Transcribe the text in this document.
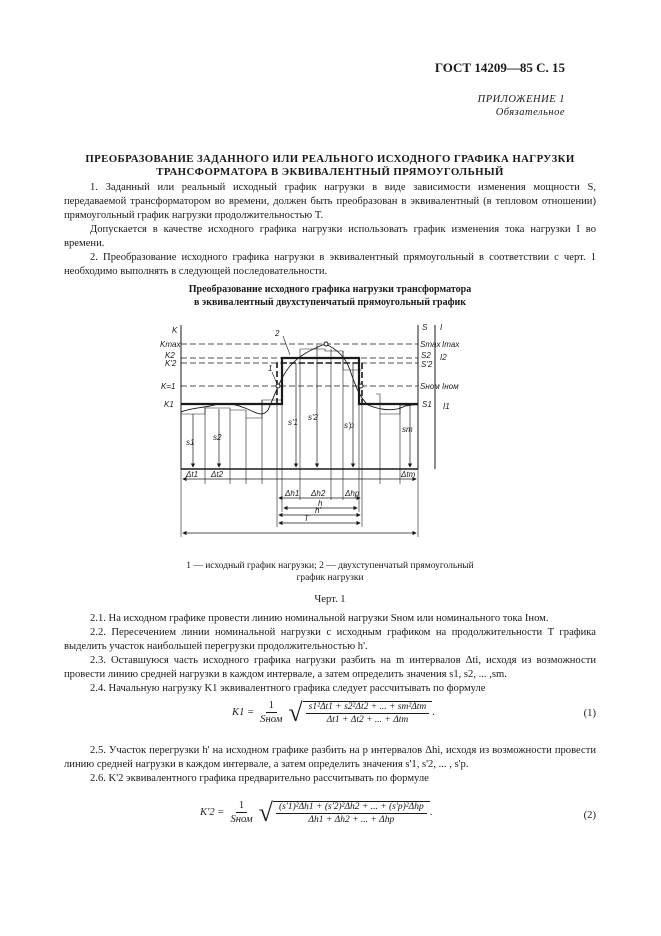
ГОСТ 14209—85 С. 15
ПРИЛОЖЕНИЕ 1
Обязательное
ПРЕОБРАЗОВАНИЕ ЗАДАННОГО ИЛИ РЕАЛЬНОГО ИСХОДНОГО ГРАФИКА НАГРУЗКИ
ТРАНСФОРМАТОРА В ЭКВИВАЛЕНТНЫЙ ПРЯМОУГОЛЬНЫЙ

1. Заданный или реальный исходный график нагрузки в виде зависимости изменения мощности S, передаваемой трансформатором во времени, должен быть преобразован в эквивалентный (в тепловом отношении) прямоугольный график нагрузки продолжительностью T.

Допускается в качестве исходного графика нагрузки использовать график изменения тока нагрузки I во времени.

2. Преобразование исходного графика нагрузки в эквивалентный прямоугольный в соответствии с черт. 1 необходимо выполнять в следующей последовательности.

Преобразование исходного графика нагрузки трансформатора
в эквивалентный двухступенчатый прямоугольный график
K
Kmax
K2
K'2
K=1
K1
S I
Smax Imax
S2 I2
S'2
Sном Iном
S1 I1
1
2
s1
s2
s'1
s'2
s'p	sm
Δt1 Δt2	Δtm
Δh1 Δh2 Δhp
h
h'
T
1 — исходный график нагрузки; 2 — двухступенчатый прямоугольный
график нагрузки
Черт. 1

2.1. На исходном графике провести линию номинальной нагрузки Sном или номинального тока Iном.

2.2. Пересечением линии номинальной нагрузки с исходным графиком на продолжительности T графика выделить участок наибольшей перегрузки продолжительностью h'.

2.3. Оставшуюся часть исходного графика нагрузки разбить на m интервалов Δti, исходя из возможности провести линию средней нагрузки в каждом интервале, а затем определить значения s1, s2, ... ,sm.

2.4. Начальную нагрузку K1 эквивалентного графика следует рассчитывать по формуле

$K1 = \frac{1}{\text{Sном}}$ √ $\frac{\text{s1²Δt1 + s2²Δt2 + ... + sm²Δtm}}{\text{Δt1 + Δt2 + ... + Δtm}}$ .	(1)

2.5. Участок перегрузки h' на исходном графике разбить на p интервалов Δhi, исходя из возможности провести линию средней нагрузки в каждом интервале, а затем определить значения s'1, s'2, ... , s'p.

2.6. K'2 эквивалентного графика предварительно рассчитывать по формуле

$K'2 = \frac{1}{\text{Sном}}$ √ $\frac{\text{(s'1)²Δh1 + (s'2)²Δh2 + ... + (s'p)²Δhp}}{\text{Δh1 + Δh2 + ... + Δhp}}$ .	(2)
